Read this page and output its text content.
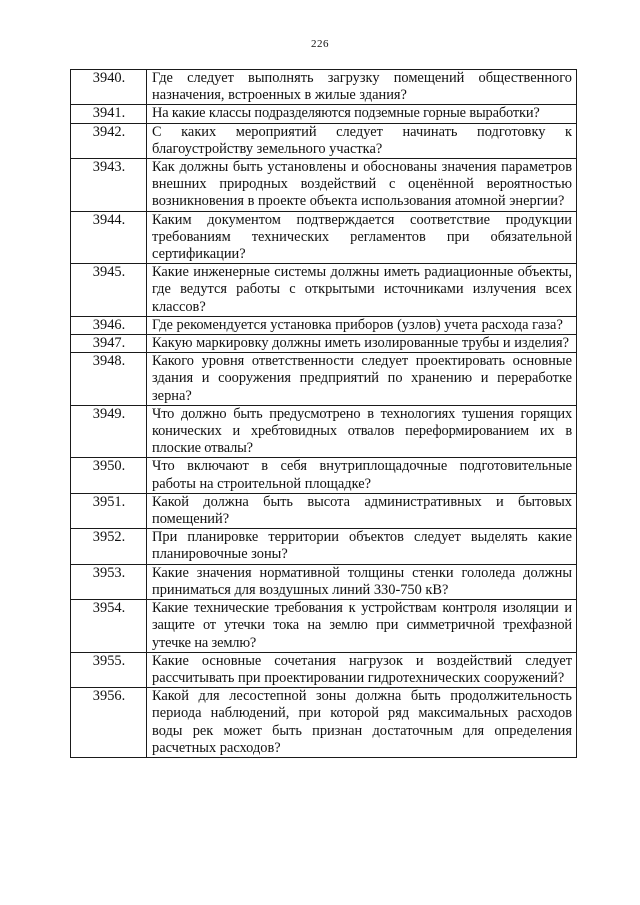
226
3940.	Где следует выполнять загрузку помещений общественного назначения, встроенных в жилые здания?
3941.	На какие классы подразделяются подземные горные выработки?
3942.	С каких мероприятий следует начинать подготовку к благоустройству земельного участка?
3943.	Как должны быть установлены и обоснованы значения параметров внешних природных воздействий с оценённой вероятностью возникновения в проекте объекта использования атомной энергии?
3944.	Каким документом подтверждается соответствие продукции требованиям технических регламентов при обязательной сертификации?
3945.	Какие инженерные системы должны иметь радиационные объекты, где ведутся работы с открытыми источниками излучения всех классов?
3946.	Где рекомендуется установка приборов (узлов) учета расхода газа?
3947.	Какую маркировку должны иметь изолированные трубы и изделия?
3948.	Какого уровня ответственности следует проектировать основные здания и сооружения предприятий по хранению и переработке зерна?
3949.	Что должно быть предусмотрено в технологиях тушения горящих конических и хребтовидных отвалов переформированием их в плоские отвалы?
3950.	Что включают в себя внутриплощадочные подготовительные работы на строительной площадке?
3951.	Какой должна быть высота административных и бытовых помещений?
3952.	При планировке территории объектов следует выделять какие планировочные зоны?
3953.	Какие значения нормативной толщины стенки гололеда должны приниматься для воздушных линий 330-750 кВ?
3954.	Какие технические требования к устройствам контроля изоляции и защите от утечки тока на землю при симметричной трехфазной утечке на землю?
3955.	Какие основные сочетания нагрузок и воздействий следует рассчитывать при проектировании гидротехнических сооружений?
3956.	Какой для лесостепной зоны должна быть продолжительность периода наблюдений, при которой ряд максимальных расходов воды рек может быть признан достаточным для определения расчетных расходов?
